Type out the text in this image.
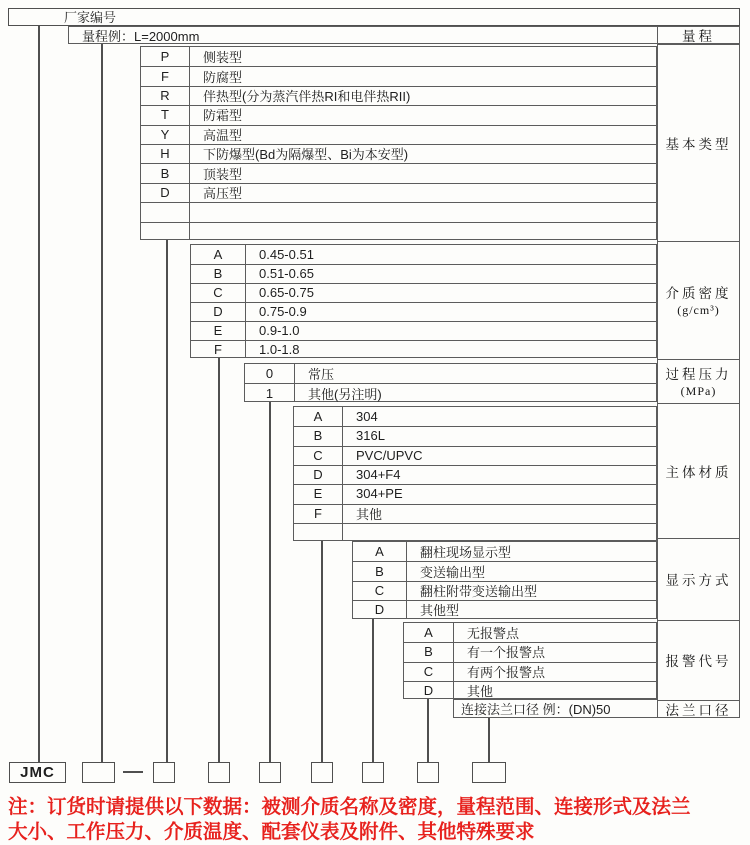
厂家编号
量程例：L=2000mm	量程
基本类型
介质密度
(g/cm³)
过程压力
(MPa)
主体材质
显示方式
报警代号
连接法兰口径 例：(DN)50	法兰口径
JMC
注：订货时请提供以下数据：被测介质名称及密度，量程范围、连接形式及法兰
大小、工作压力、介质温度、配套仪表及附件、其他特殊要求
P	侧装型
F	防腐型
R	伴热型(分为蒸汽伴热RI和电伴热RII)
T	防霜型
Y	高温型
H	下防爆型(Bd为隔爆型、Bi为本安型)
B	顶装型
D	高压型
A	0.45-0.51
B	0.51-0.65
C	0.65-0.75
D	0.75-0.9
E	0.9-1.0
F	1.0-1.8
0	常压
1	其他(另注明)
A	304
B	316L
C	PVC/UPVC
D	304+F4
E	304+PE
F	其他
A	翻柱现场显示型
B	变送输出型
C	翻柱附带变送输出型
D	其他型
A	无报警点
B	有一个报警点
C	有两个报警点
D	其他
